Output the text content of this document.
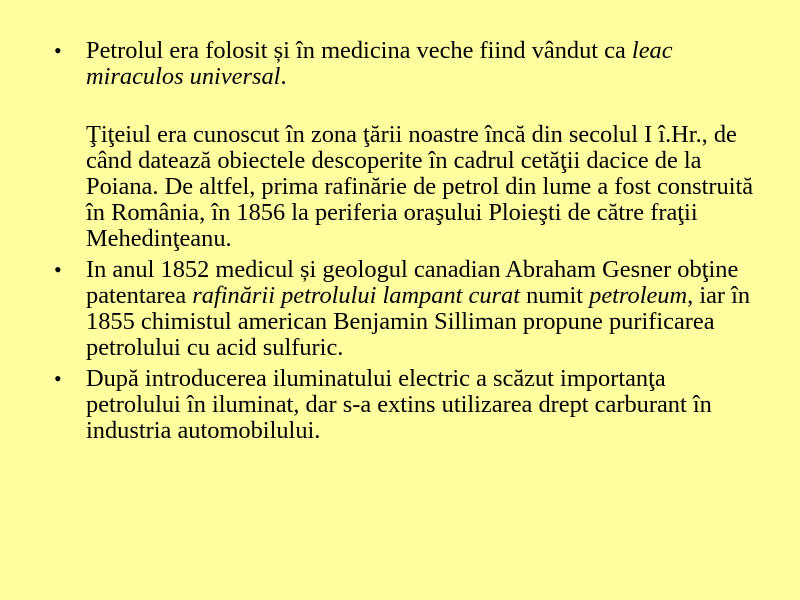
• Petrolul era folosit și în medicina veche fiind vândut ca leac miraculos universal.
Ţiţeiul era cunoscut în zona ţării noastre încă din secolul I î.Hr., de când datează obiectele descoperite în cadrul cetăţii dacice de la Poiana. De altfel, prima rafinărie de petrol din lume a fost construită în România, în 1856 la periferia oraşului Ploieşti de către fraţii Mehedinţeanu.
• In anul 1852 medicul și geologul canadian Abraham Gesner obţine patentarea rafinării petrolului lampant curat numit petroleum, iar în 1855 chimistul american Benjamin Silliman propune purificarea petrolului cu acid sulfuric.
• După introducerea iluminatului electric a scăzut importanţa petrolului în iluminat, dar s-a extins utilizarea drept carburant în industria automobilului.
